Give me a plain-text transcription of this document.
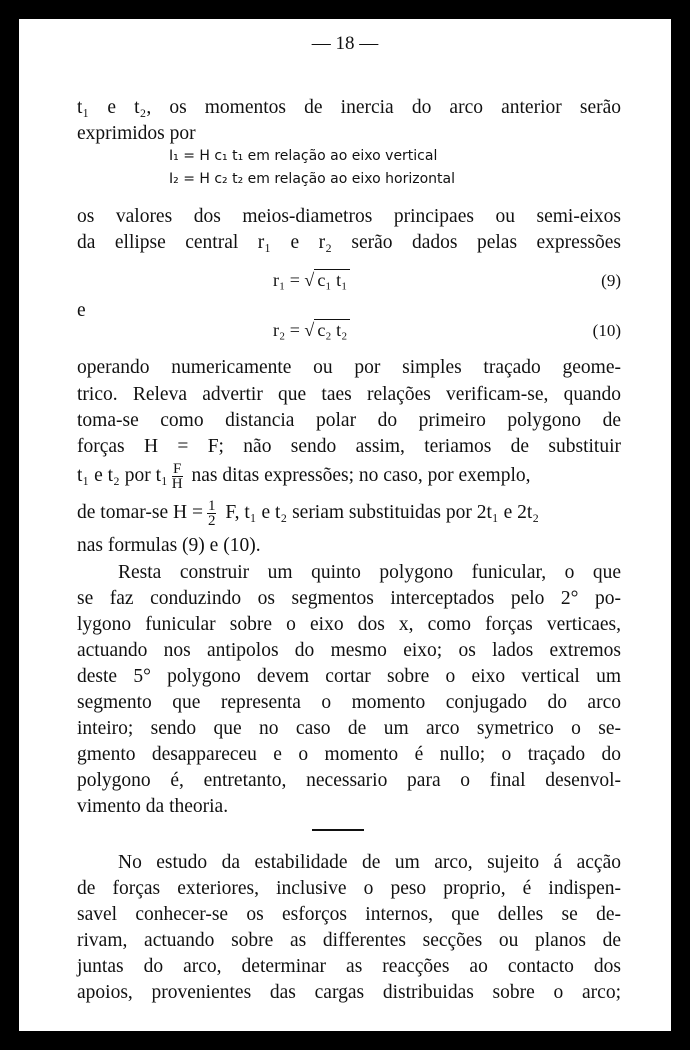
— 18 —
t₁ e t₂, os momentos de inercia do arco anterior serão
exprimidos por
I₁ = H c₁ t₁ em relação ao eixo vertical
I₂ = H c₂ t₂ em relação ao eixo horizontal
os valores dos meios-diametros principaes ou semi-eixos
da ellipse central r₁ e r₂ serão dados pelas expressões
r₁ = √ c₁ t₁	(9)
e
r₂ = √ c₂ t₂	(10)
operando numericamente ou por simples traçado geome-
trico. Releva advertir que taes relações verificam-se, quando
toma-se como distancia polar do primeiro polygono de
forças H = F; não sendo assim, teriamos de substituir
t₁ e t₂ por $t_1 \frac{F}{H}$ nas ditas expressões; no caso, por exemplo,
de tomar-se $H = \frac{1}{2} F$, t₁ e t₂ seriam substituidas por 2t₁ e 2t₂
nas formulas (9) e (10).
Resta construir um quinto polygono funicular, o que
se faz conduzindo os segmentos interceptados pelo 2° po-
lygono funicular sobre o eixo dos x, como forças verticaes,
actuando nos antipolos do mesmo eixo; os lados extremos
deste 5° polygono devem cortar sobre o eixo vertical um
segmento que representa o momento conjugado do arco
inteiro; sendo que no caso de um arco symetrico o se-
gmento desappareceu e o momento é nullo; o traçado do
polygono é, entretanto, necessario para o final desenvol-
vimento da theoria.
No estudo da estabilidade de um arco, sujeito á acção
de forças exteriores, inclusive o peso proprio, é indispen-
savel conhecer-se os esforços internos, que delles se de-
rivam, actuando sobre as differentes secções ou planos de
juntas do arco, determinar as reacções ao contacto dos
apoios, provenientes das cargas distribuidas sobre o arco;
